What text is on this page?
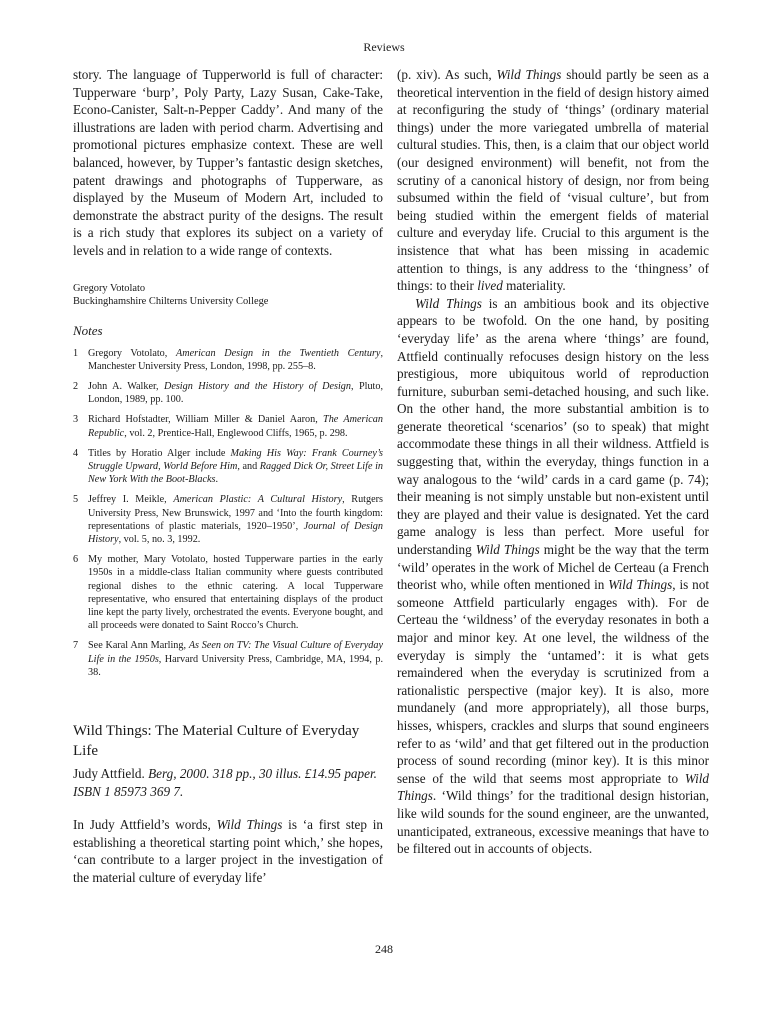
Reviews

story. The language of Tupperworld is full of character: Tupperware ‘burp’, Poly Party, Lazy Susan, Cake-Take, Econo-Canister, Salt-n-Pepper Caddy’. And many of the illustrations are laden with period charm. Advertising and promotional pictures emphasize context. These are well balanced, however, by Tupper’s fantastic design sketches, patent drawings and photographs of Tupperware, as displayed by the Museum of Modern Art, included to demonstrate the abstract purity of the designs. The result is a rich study that explores its subject on a variety of levels and in relation to a wide range of contexts.

Gregory Votolato
Buckinghamshire Chilterns University College
Notes
1 Gregory Votolato, American Design in the Twentieth Century, Manchester University Press, London, 1998, pp. 255–8.
2 John A. Walker, Design History and the History of Design, Pluto, London, 1989, pp. 100.
3 Richard Hofstadter, William Miller & Daniel Aaron, The American Republic, vol. 2, Prentice-Hall, Englewood Cliffs, 1965, p. 298.
4 Titles by Horatio Alger include Making His Way: Frank Courney’s Struggle Upward, World Before Him, and Ragged Dick Or, Street Life in New York With the Boot-Blacks.
5 Jeffrey I. Meikle, American Plastic: A Cultural History, Rutgers University Press, New Brunswick, 1997 and ‘Into the fourth kingdom: representations of plastic materials, 1920–1950’, Journal of Design History, vol. 5, no. 3, 1992.
6 My mother, Mary Votolato, hosted Tupperware parties in the early 1950s in a middle-class Italian community where guests contributed regional dishes to the ethnic catering. A local Tupperware representative, who ensured that entertaining displays of the product line kept the party lively, orchestrated the events. Everyone bought, and all proceeds were donated to Saint Rocco’s Church.
7 See Karal Ann Marling, As Seen on TV: The Visual Culture of Everyday Life in the 1950s, Harvard University Press, Cambridge, MA, 1994, p. 38.
Wild Things: The Material Culture of Everyday Life
Judy Attfield. Berg, 2000. 318 pp., 30 illus. £14.95 paper. ISBN 1 85973 369 7.

In Judy Attfield’s words, Wild Things is ‘a first step in establishing a theoretical starting point which,’ she hopes, ‘can contribute to a larger project in the investigation of the material culture of everyday life’

(p. xiv). As such, Wild Things should partly be seen as a theoretical intervention in the field of design history aimed at reconfiguring the study of ‘things’ (ordinary material things) under the more variegated umbrella of material cultural studies. This, then, is a claim that our object world (our designed environment) will benefit, not from the scrutiny of a canonical history of design, nor from being subsumed within the field of ‘visual culture’, but from being studied within the emergent fields of material culture and everyday life. Crucial to this argument is the insistence that what has been missing in academic attention to things, is any address to the ‘thingness’ of things: to their lived materiality.

Wild Things is an ambitious book and its objective appears to be twofold. On the one hand, by positing ‘everyday life’ as the arena where ‘things’ are found, Attfield continually refocuses design history on the less prestigious, more ubiquitous world of reproduction furniture, suburban semi-detached housing, and such like. On the other hand, the more substantial ambition is to generate theoretical ‘scenarios’ (so to speak) that might accommodate these things in all their wildness. Attfield is suggesting that, within the everyday, things function in a way analogous to the ‘wild’ cards in a card game (p. 74); their meaning is not simply unstable but non-existent until they are played and their value is designated. Yet the card game analogy is less than perfect. More useful for understanding Wild Things might be the way that the term ‘wild’ operates in the work of Michel de Certeau (a French theorist who, while often mentioned in Wild Things, is not someone Attfield particularly engages with). For de Certeau the ‘wildness’ of the everyday resonates in both a major and minor key. At one level, the wildness of the everyday is simply the ‘untamed’: it is what gets remaindered when the everyday is scrutinized from a rationalistic perspective (major key). It is also, more mundanely (and more appropriately), all those burps, hisses, whispers, crackles and slurps that sound engineers refer to as ‘wild’ and that get filtered out in the production process of sound recording (minor key). It is this minor sense of the wild that seems most appropriate to Wild Things. ‘Wild things’ for the traditional design historian, like wild sounds for the sound engineer, are the unwanted, unanticipated, extraneous, excessive meanings that have to be filtered out in accounts of objects.

248
